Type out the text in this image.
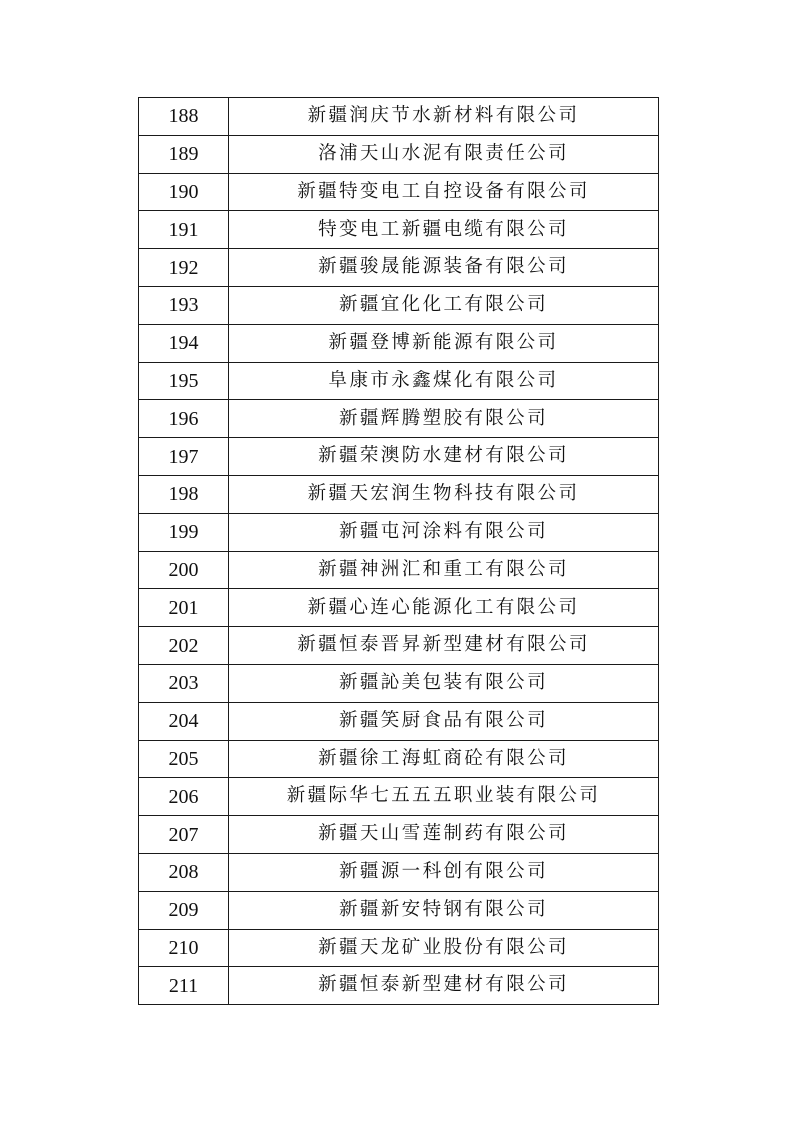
188	新疆润庆节水新材料有限公司
189	洛浦天山水泥有限责任公司
190	新疆特变电工自控设备有限公司
191	特变电工新疆电缆有限公司
192	新疆骏晟能源装备有限公司
193	新疆宜化化工有限公司
194	新疆登博新能源有限公司
195	阜康市永鑫煤化有限公司
196	新疆辉腾塑胶有限公司
197	新疆荣澳防水建材有限公司
198	新疆天宏润生物科技有限公司
199	新疆屯河涂料有限公司
200	新疆神洲汇和重工有限公司
201	新疆心连心能源化工有限公司
202	新疆恒泰晋昇新型建材有限公司
203	新疆訫美包装有限公司
204	新疆笑厨食品有限公司
205	新疆徐工海虹商砼有限公司
206	新疆际华七五五五职业装有限公司
207	新疆天山雪莲制药有限公司
208	新疆源一科创有限公司
209	新疆新安特钢有限公司
210	新疆天龙矿业股份有限公司
211	新疆恒泰新型建材有限公司
